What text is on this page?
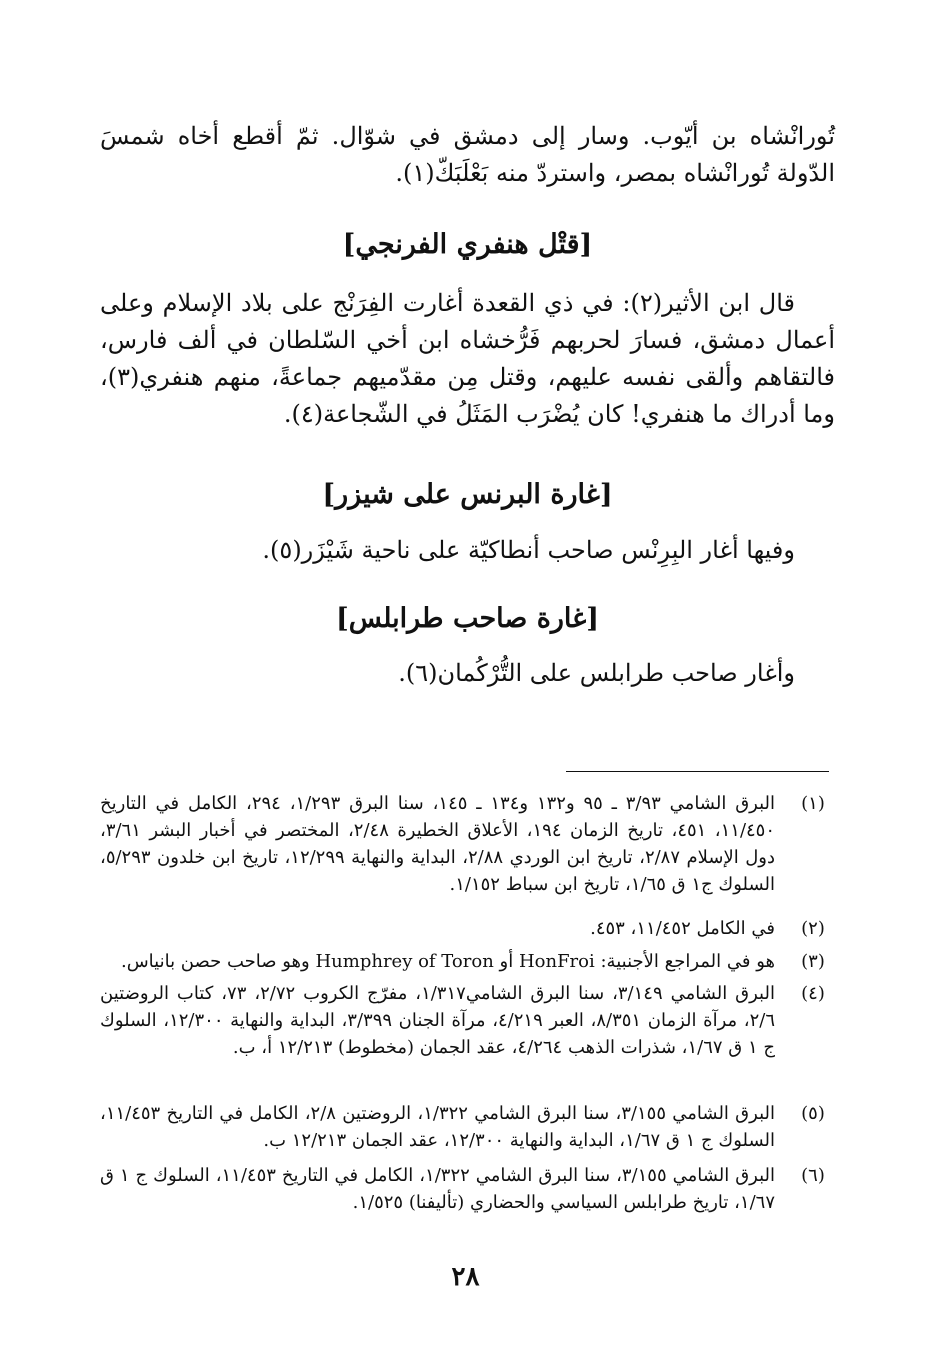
تُورانْشاه بن أيّوب. وسار إلى دمشق في شوّال. ثمّ أقطع أخاه شمسَ الدّولة تُورانْشاه بمصر، واستردّ منه بَعْلَبَكّ(١).

[قتْل هنفري الفرنجي]

قال ابن الأثير(٢): في ذي القعدة أغارت الفِرَنْج على بلاد الإسلام وعلى أعمال دمشق، فسارَ لحربهم فَرُّخشاه ابن أخي السّلطان في ألف فارس، فالتقاهم وألقى نفسه عليهم، وقتل مِن مقدّميهم جماعةً، منهم هنفري(٣)، وما أدراك ما هنفري! كان يُضْرَب المَثَلُ في الشّجاعة(٤).

[غارة البرنس على شيزر]

وفيها أغار البِرِنْس صاحب أنطاكيّة على ناحية شَيْزَر(٥).

[غارة صاحب طرابلس]

وأغار صاحب طرابلس على التُّرْكُمان(٦).

(١)

البرق الشامي ٣/٩٣ ـ ٩٥ و١٣٢ و١٣٤ ـ ١٤٥، سنا البرق ١/٢٩٣، ٢٩٤، الكامل في التاريخ ١١/٤٥٠، ٤٥١، تاريخ الزمان ١٩٤، الأعلاق الخطيرة ٢/٤٨، المختصر في أخبار البشر ٣/٦١، دول الإسلام ٢/٨٧، تاريخ ابن الوردي ٢/٨٨، البداية والنهاية ١٢/٢٩٩، تاريخ ابن خلدون ٥/٢٩٣، السلوك ج١ ق ١/٦٥، تاريخ ابن سباط ١/١٥٢.

(٢)

في الكامل ١١/٤٥٢، ٤٥٣.

(٣)

هو في المراجع الأجنبية: HonFroi أو Humphrey of Toron وهو صاحب حصن بانياس.

(٤)

البرق الشامي ٣/١٤٩، سنا البرق الشامي١/٣١٧، مفرّج الكروب ٢/٧٢، ٧٣، كتاب الروضتين ٢/٦، مرآة الزمان ٨/٣٥١، العبر ٤/٢١٩، مرآة الجنان ٣/٣٩٩، البداية والنهاية ١٢/٣٠٠، السلوك ج ١ ق ١/٦٧، شذرات الذهب ٤/٢٦٤، عقد الجمان (مخطوط) ١٢/٢١٣ أ، ب.

(٥)

البرق الشامي ٣/١٥٥، سنا البرق الشامي ١/٣٢٢، الروضتين ٢/٨، الكامل في التاريخ ١١/٤٥٣، السلوك ج ١ ق ١/٦٧، البداية والنهاية ١٢/٣٠٠، عقد الجمان ١٢/٢١٣ ب.

(٦)

البرق الشامي ٣/١٥٥، سنا البرق الشامي ١/٣٢٢، الكامل في التاريخ ١١/٤٥٣، السلوك ج ١ ق ١/٦٧، تاريخ طرابلس السياسي والحضاري (تأليفنا) ١/٥٢٥.

٢٨
